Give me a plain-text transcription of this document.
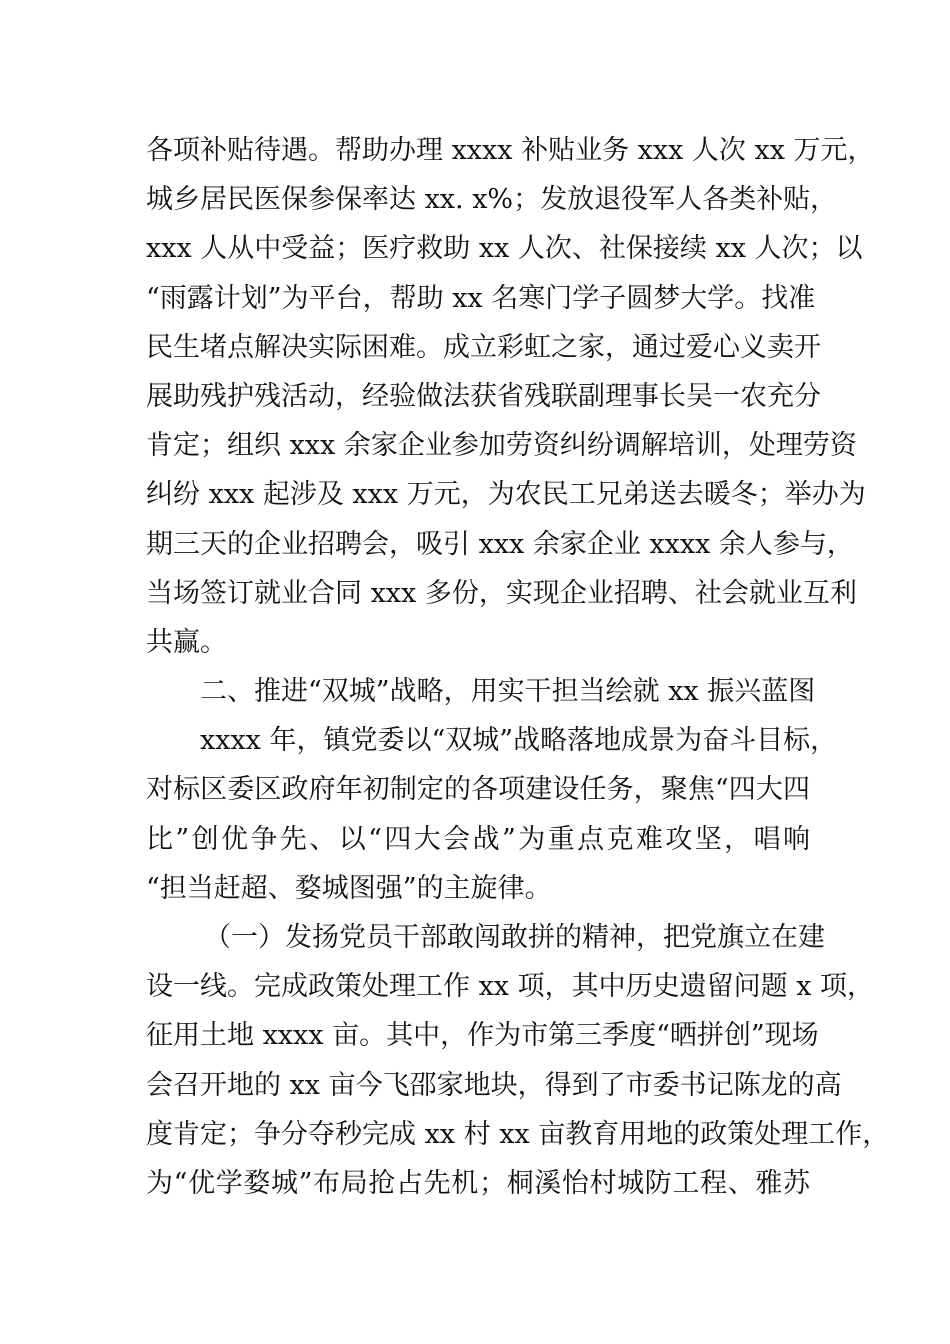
各项补贴待遇。帮助办理 xxxx 补贴业务 xxx 人次 xx 万元，
城乡居民医保参保率达 xx. x%；发放退役军人各类补贴，
xxx 人从中受益；医疗救助 xx 人次、社保接续 xx 人次；以
“雨露计划”为平台，帮助 xx 名寒门学子圆梦大学。找准
民生堵点解决实际困难。成立彩虹之家，通过爱心义卖开
展助残护残活动，经验做法获省残联副理事长吴一农充分
肯定；组织 xxx 余家企业参加劳资纠纷调解培训，处理劳资
纠纷 xxx 起涉及 xxx 万元，为农民工兄弟送去暖冬；举办为
期三天的企业招聘会，吸引 xxx 余家企业 xxxx 余人参与，
当场签订就业合同 xxx 多份，实现企业招聘、社会就业互利
共赢。
二、推进“双城”战略，用实干担当绘就 xx 振兴蓝图
xxxx 年，镇党委以“双城”战略落地成景为奋斗目标，
对标区委区政府年初制定的各项建设任务，聚焦“四大四
比”创优争先、以“四大会战”为重点克难攻坚，唱响
“担当赶超、婺城图强”的主旋律。
（一）发扬党员干部敢闯敢拼的精神，把党旗立在建
设一线。完成政策处理工作 xx 项，其中历史遗留问题 x 项，
征用土地 xxxx 亩。其中，作为市第三季度“晒拼创”现场
会召开地的 xx 亩今飞邵家地块，得到了市委书记陈龙的高
度肯定；争分夺秒完成 xx 村 xx 亩教育用地的政策处理工作，
为“优学婺城”布局抢占先机；桐溪怡村城防工程、雅苏
